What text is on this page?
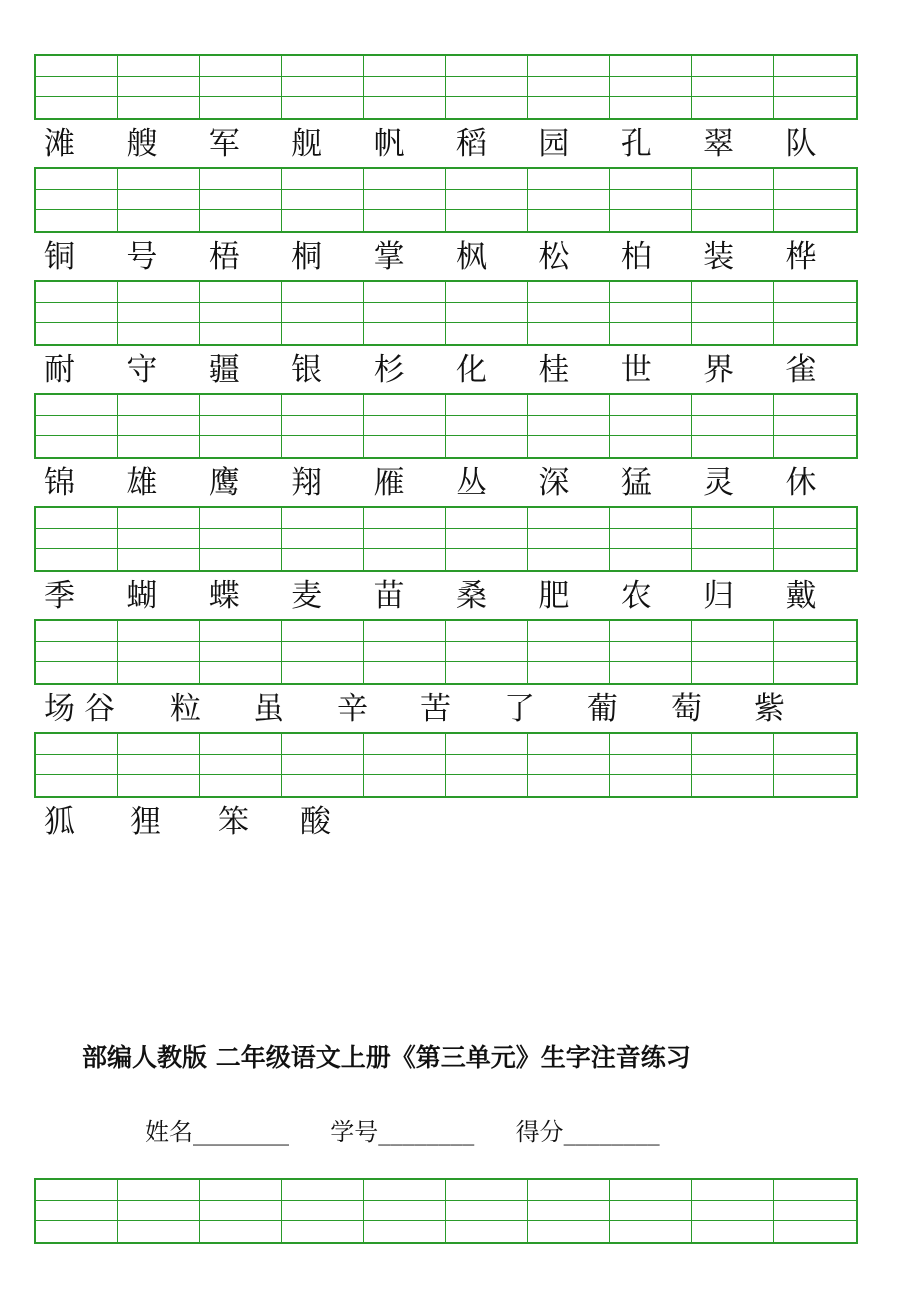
滩	艘	军	舰	帆	稻	园	孔	翠	队
铜	号	梧	桐	掌	枫	松	柏	装	桦
耐	守	疆	银	杉	化	桂	世	界	雀
锦	雄	鹰	翔	雁	丛	深	猛	灵	休
季	蝴	蝶	麦	苗	桑	肥	农	归	戴
场 谷 粒 虽 辛 苦 了 葡 萄 紫
狐 狸 笨 酸
部编人教版 二年级语文上册《第三单元》生字注音练习
姓名________ 学号________ 得分________
